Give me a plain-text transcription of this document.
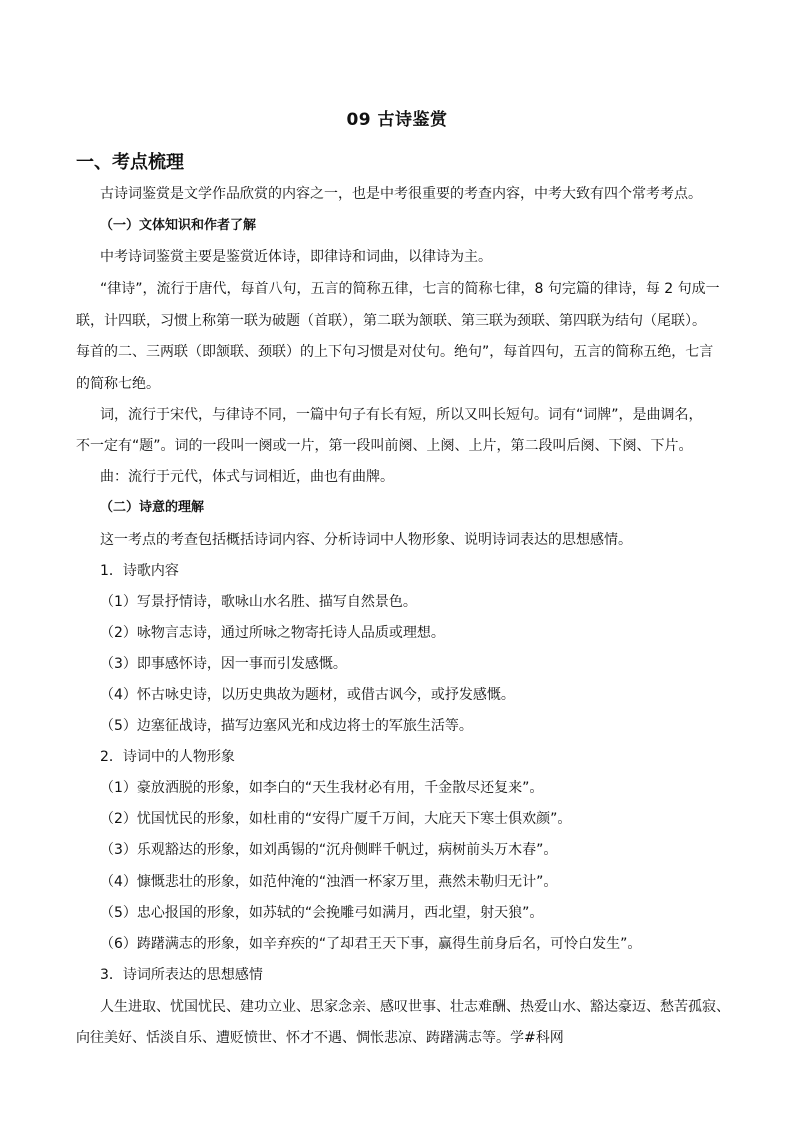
09 古诗鉴赏
一、考点梳理
古诗词鉴赏是文学作品欣赏的内容之一，也是中考很重要的考查内容，中考大致有四个常考考点。
（一）文体知识和作者了解
中考诗词鉴赏主要是鉴赏近体诗，即律诗和词曲，以律诗为主。
“律诗”，流行于唐代，每首八句，五言的简称五律，七言的简称七律，8 句完篇的律诗，每 2 句成一
联，计四联，习惯上称第一联为破题（首联），第二联为颔联、第三联为颈联、第四联为结句（尾联）。
每首的二、三两联（即颔联、颈联）的上下句习惯是对仗句。绝句”，每首四句，五言的简称五绝，七言
的简称七绝。
词，流行于宋代，与律诗不同，一篇中句子有长有短，所以又叫长短句。词有“词牌”，是曲调名，
不一定有“题”。词的一段叫一阕或一片，第一段叫前阕、上阕、上片，第二段叫后阕、下阕、下片。
曲：流行于元代，体式与词相近，曲也有曲牌。
（二）诗意的理解
这一考点的考查包括概括诗词内容、分析诗词中人物形象、说明诗词表达的思想感情。
1．诗歌内容
（1）写景抒情诗，歌咏山水名胜、描写自然景色。
（2）咏物言志诗，通过所咏之物寄托诗人品质或理想。
（3）即事感怀诗，因一事而引发感慨。
（4）怀古咏史诗，以历史典故为题材，或借古讽今，或抒发感慨。
（5）边塞征战诗，描写边塞风光和戍边将士的军旅生活等。
2．诗词中的人物形象
（1）豪放洒脱的形象，如李白的“天生我材必有用，千金散尽还复来”。
（2）忧国忧民的形象，如杜甫的“安得广厦千万间，大庇天下寒士俱欢颜”。
（3）乐观豁达的形象，如刘禹锡的“沉舟侧畔千帆过，病树前头万木春”。
（4）慷慨悲壮的形象，如范仲淹的“浊酒一杯家万里，燕然未勒归无计”。
（5）忠心报国的形象，如苏轼的“会挽雕弓如满月，西北望，射天狼”。
（6）踌躇满志的形象，如辛弃疾的“了却君王天下事，赢得生前身后名，可怜白发生”。
3．诗词所表达的思想感情
人生进取、忧国忧民、建功立业、思家念亲、感叹世事、壮志难酬、热爱山水、豁达豪迈、愁苦孤寂、
向往美好、恬淡自乐、遭贬愤世、怀才不遇、惆怅悲凉、踌躇满志等。学#科网
